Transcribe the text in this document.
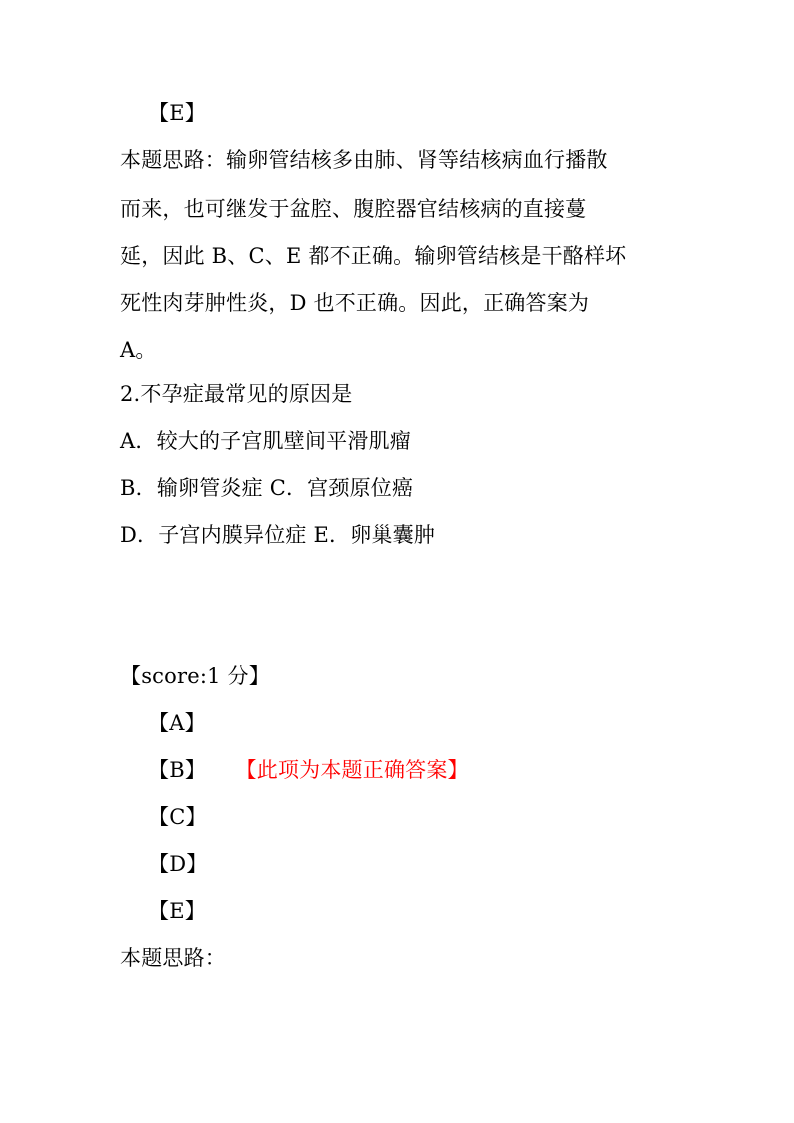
【E】
本题思路：输卵管结核多由肺、肾等结核病血行播散
而来，也可继发于盆腔、腹腔器官结核病的直接蔓
延，因此 B、C、E 都不正确。输卵管结核是干酪样坏
死性肉芽肿性炎，D 也不正确。因此，正确答案为
A。
2.不孕症最常见的原因是
A．较大的子宫肌壁间平滑肌瘤
B．输卵管炎症 C．宫颈原位癌
D．子宫内膜异位症 E．卵巢囊肿
【score:1 分】
【A】
【B】 【此项为本题正确答案】
【C】
【D】
【E】
本题思路：
